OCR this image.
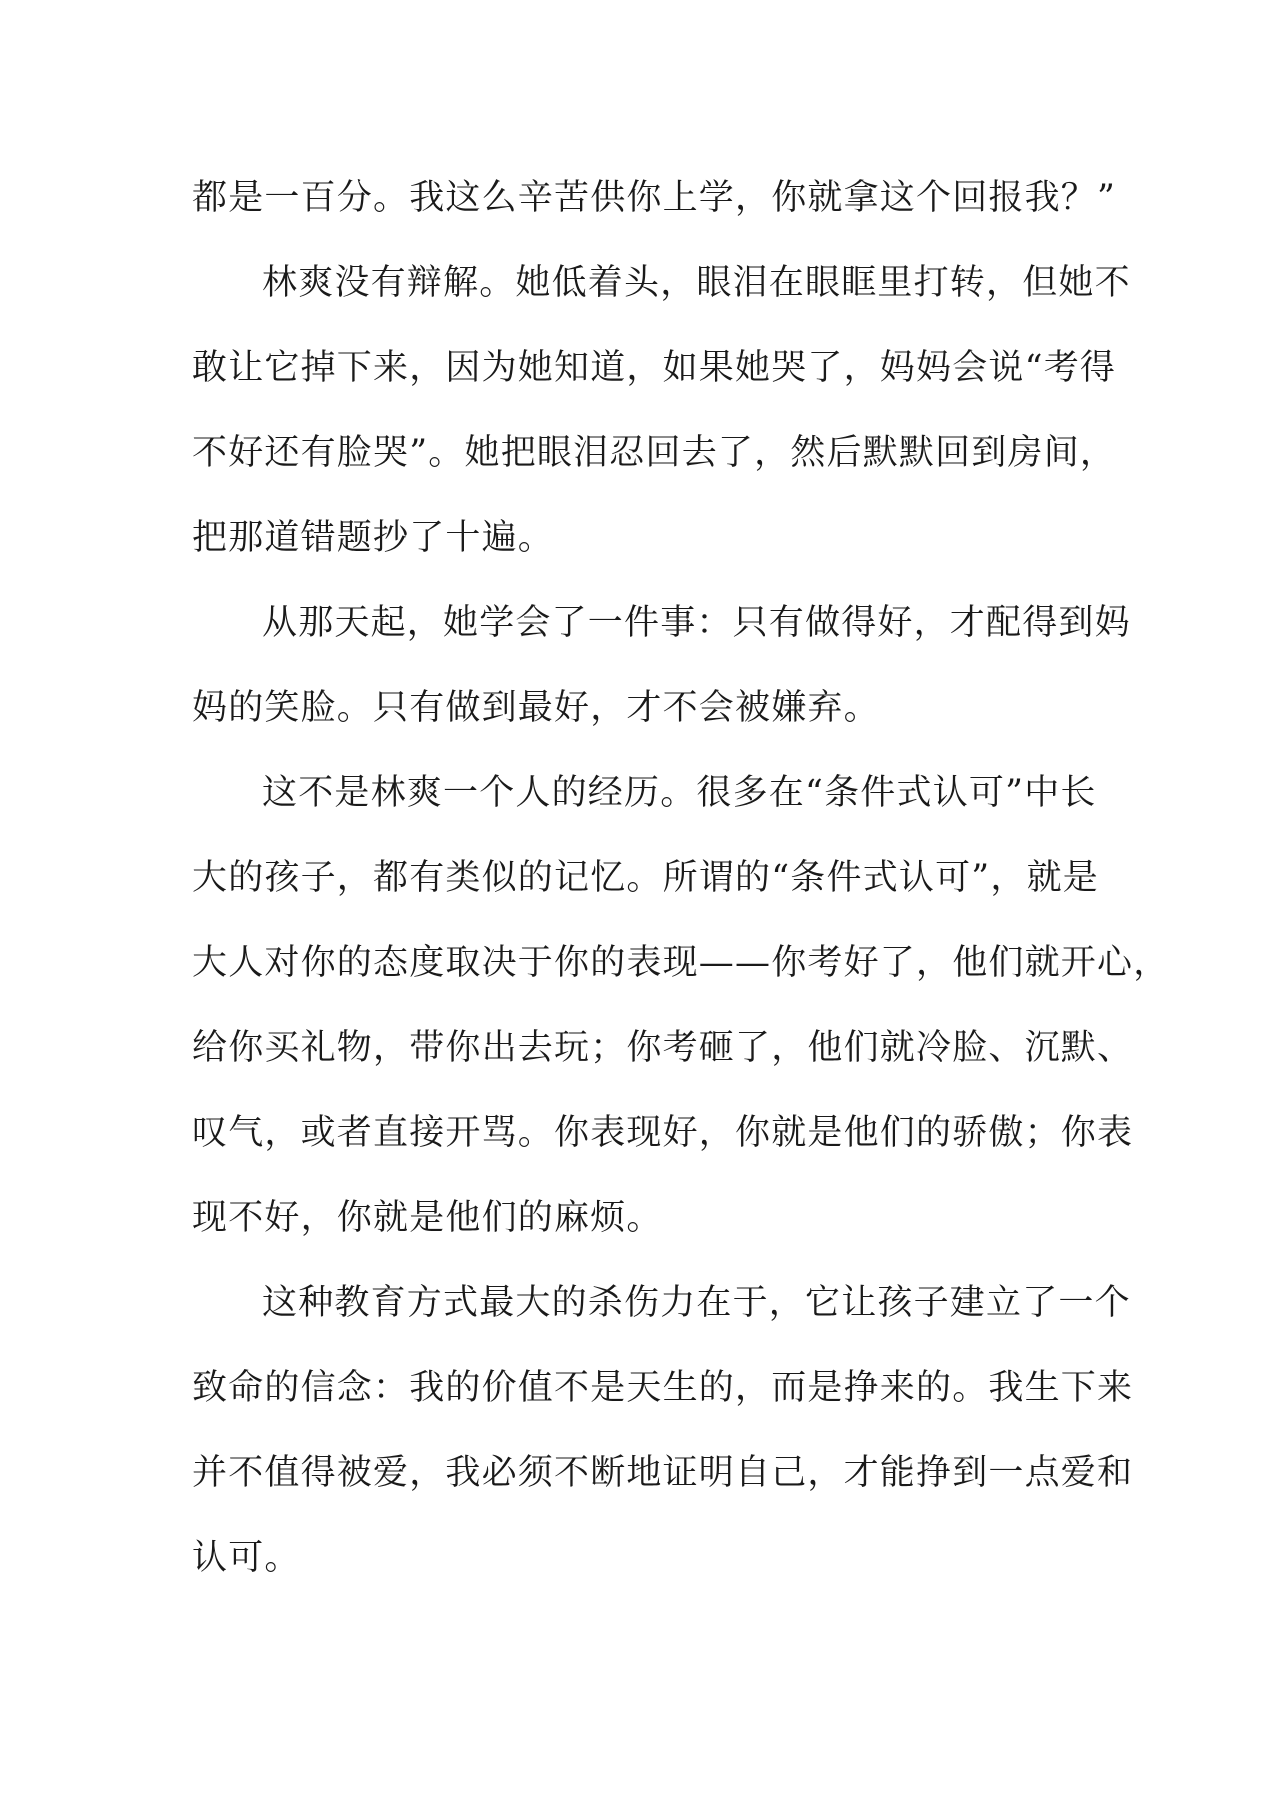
都是一百分。我这么辛苦供你上学，你就拿这个回报我？”
林爽没有辩解。她低着头，眼泪在眼眶里打转，但她不
敢让它掉下来，因为她知道，如果她哭了，妈妈会说“考得
不好还有脸哭”。她把眼泪忍回去了，然后默默回到房间，
把那道错题抄了十遍。
从那天起，她学会了一件事：只有做得好，才配得到妈
妈的笑脸。只有做到最好，才不会被嫌弃。
这不是林爽一个人的经历。很多在“条件式认可”中长
大的孩子，都有类似的记忆。所谓的“条件式认可”，就是
大人对你的态度取决于你的表现——你考好了，他们就开心，
给你买礼物，带你出去玩；你考砸了，他们就冷脸、沉默、
叹气，或者直接开骂。你表现好，你就是他们的骄傲；你表
现不好，你就是他们的麻烦。
这种教育方式最大的杀伤力在于，它让孩子建立了一个
致命的信念：我的价值不是天生的，而是挣来的。我生下来
并不值得被爱，我必须不断地证明自己，才能挣到一点爱和
认可。
